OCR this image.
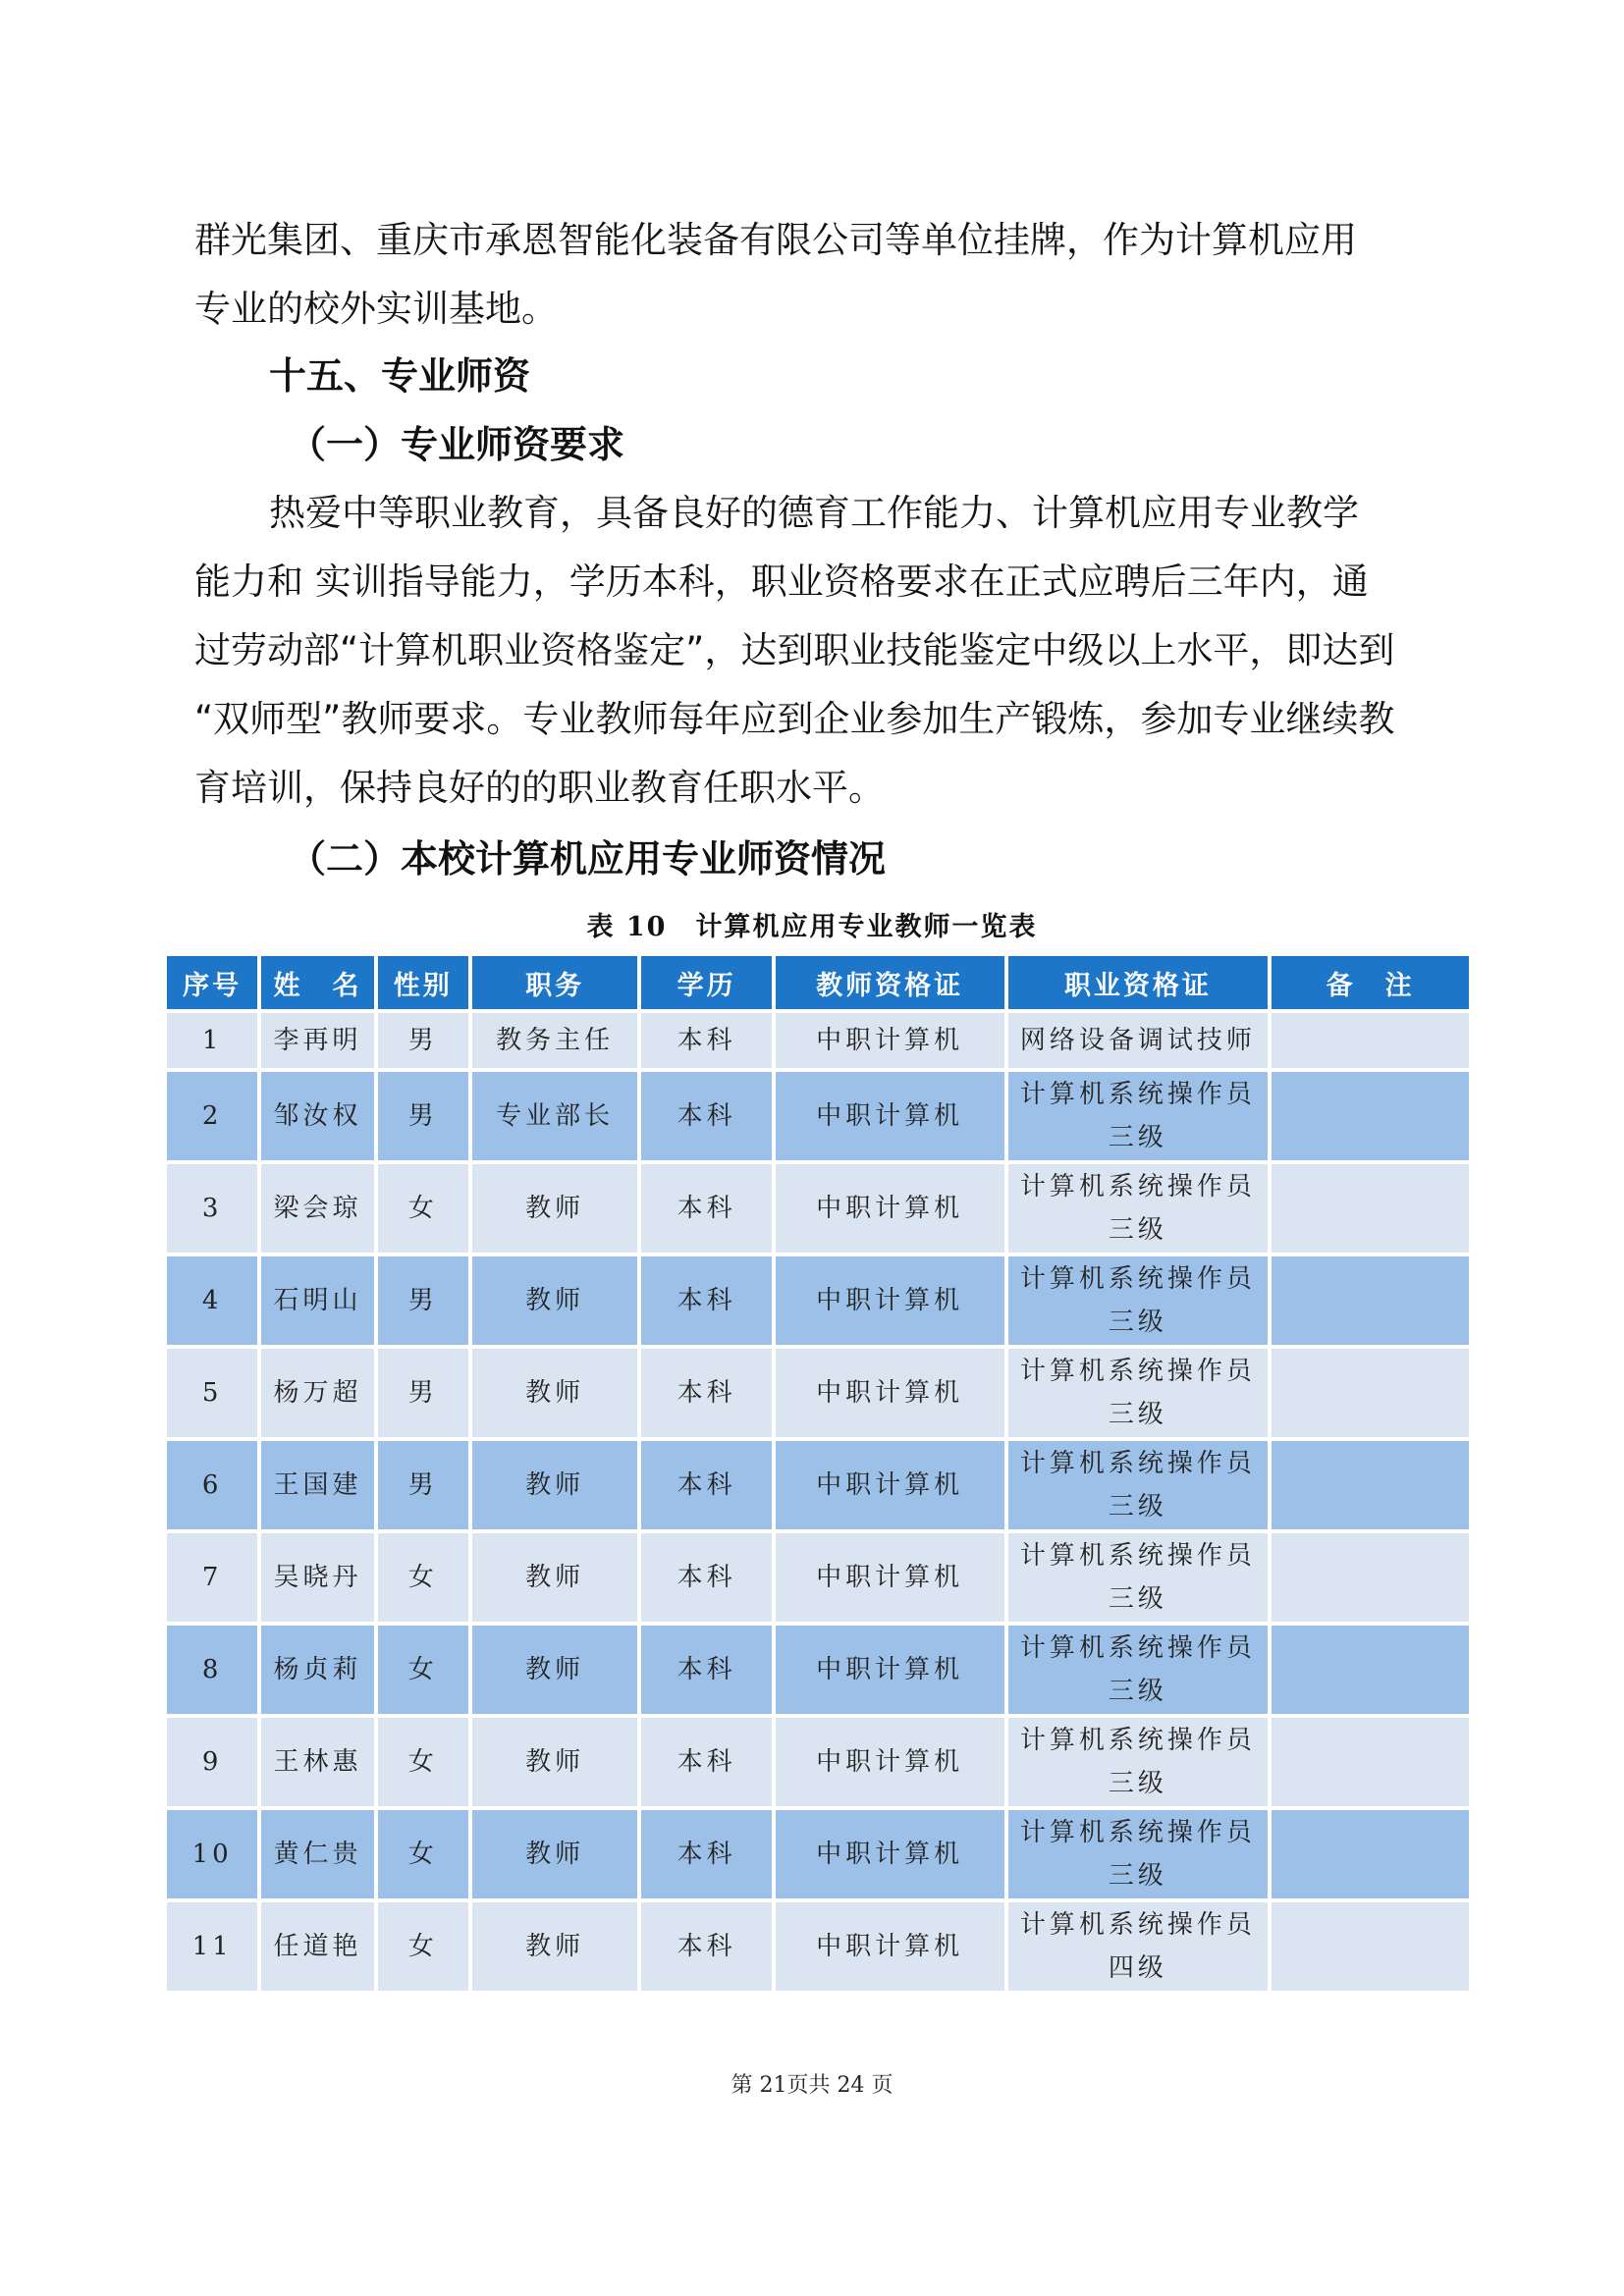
群光集团、重庆市承恩智能化装备有限公司等单位挂牌，作为计算机应用
专业的校外实训基地。
十五、专业师资
（一）专业师资要求
热爱中等职业教育，具备良好的德育工作能力、计算机应用专业教学
能力和 实训指导能力，学历本科，职业资格要求在正式应聘后三年内，通
过劳动部“计算机职业资格鉴定”，达到职业技能鉴定中级以上水平，即达到
“双师型”教师要求。专业教师每年应到企业参加生产锻炼，参加专业继续教
育培训，保持良好的的职业教育任职水平。
（二）本校计算机应用专业师资情况
表 10　计算机应用专业教师一览表
序号	姓　名	性别	职务	学历	教师资格证	职业资格证	备　注
1	李再明	男	教务主任	本科	中职计算机	网络设备调试技师	

2	邹汝权	男	专业部长	本科	中职计算机	计算机系统操作员
三级	

3	梁会琼	女	教师	本科	中职计算机	计算机系统操作员
三级	

4	石明山	男	教师	本科	中职计算机	计算机系统操作员
三级	

5	杨万超	男	教师	本科	中职计算机	计算机系统操作员
三级	

6	王国建	男	教师	本科	中职计算机	计算机系统操作员
三级	

7	吴晓丹	女	教师	本科	中职计算机	计算机系统操作员
三级	

8	杨贞莉	女	教师	本科	中职计算机	计算机系统操作员
三级	

9	王林惠	女	教师	本科	中职计算机	计算机系统操作员
三级	

10	黄仁贵	女	教师	本科	中职计算机	计算机系统操作员
三级	

11	任道艳	女	教师	本科	中职计算机	计算机系统操作员
四级	

第 21页共 24 页
